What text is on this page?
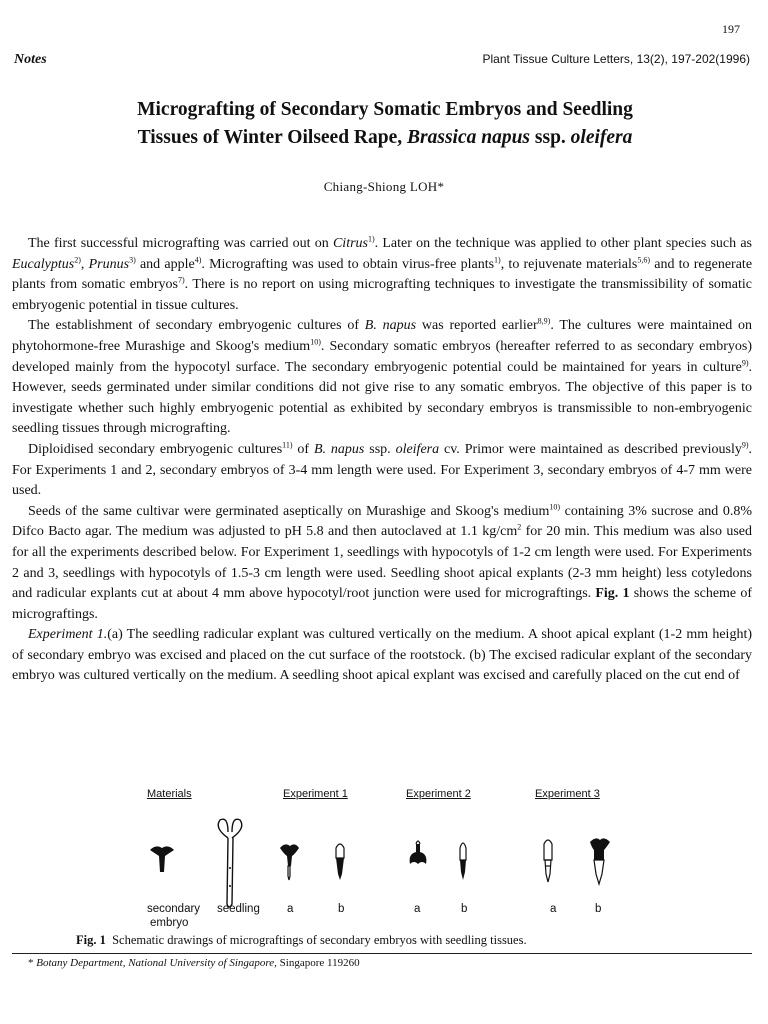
197
Notes	Plant Tissue Culture Letters, 13(2), 197-202(1996)
Micrografting of Secondary Somatic Embryos and Seedling
Tissues of Winter Oilseed Rape, Brassica napus ssp. oleifera
Chiang-Shiong LOH*

The first successful micrografting was carried out on Citrus$^{1)}$. Later on the technique was applied to other plant species such as Eucalyptus$^{2)}$, Prunus$^{3)}$ and apple$^{4)}$. Micrografting was used to obtain virus-free plants$^{1)}$, to rejuvenate materials$^{5,6)}$ and to regenerate plants from somatic embryos$^{7)}$. There is no report on using micrografting techniques to investigate the transmissibility of somatic embryogenic potential in tissue cultures.

The establishment of secondary embryogenic cultures of B. napus was reported earlier$^{8,9)}$. The cultures were maintained on phytohormone-free Murashige and Skoog's medium$^{10)}$. Secondary somatic embryos (hereafter referred to as secondary embryos) developed mainly from the hypocotyl surface. The secondary embryogenic potential could be maintained for years in culture$^{9)}$. However, seeds germinated under similar conditions did not give rise to any somatic embryos. The objective of this paper is to investigate whether such highly embryogenic potential as exhibited by secondary embryos is transmissible to non-embryogenic seedling tissues through micrografting.

Diploidised secondary embryogenic cultures$^{11)}$ of B. napus ssp. oleifera cv. Primor were maintained as described previously$^{9)}$. For Experiments 1 and 2, secondary embryos of 3-4 mm length were used. For Experiment 3, secondary embryos of 4-7 mm were used.

Seeds of the same cultivar were germinated aseptically on Murashige and Skoog's medium$^{10)}$ containing 3% sucrose and 0.8% Difco Bacto agar. The medium was adjusted to pH 5.8 and then autoclaved at 1.1 $kg/cm^2$ for 20 min. This medium was also used for all the experiments described below. For Experiment 1, seedlings with hypocotyls of 1-2 cm length were used. For Experiments 2 and 3, seedlings with hypocotyls of 1.5-3 cm length were used. Seedling shoot apical explants (2-3 mm height) less cotyledons and radicular explants cut at about 4 mm above hypocotyl/root junction were used for micrograftings. Fig. 1 shows the scheme of micrograftings.

Experiment 1.(a) The seedling radicular explant was cultured vertically on the medium. A shoot apical explant (1-2 mm height) of secondary embryo was excised and placed on the cut surface of the rootstock. (b) The excised radicular explant of the secondary embryo was cultured vertically on the medium. A seedling shoot apical explant was excised and carefully placed on the cut end of

Materials	Experiment 1	Experiment 2	Experiment 3
secondary
embryo
seedling a	b	a	b	a	b
Fig. 1 Schematic drawings of micrograftings of secondary embryos with seedling tissues.
* Botany Department, National University of Singapore, Singapore 119260
